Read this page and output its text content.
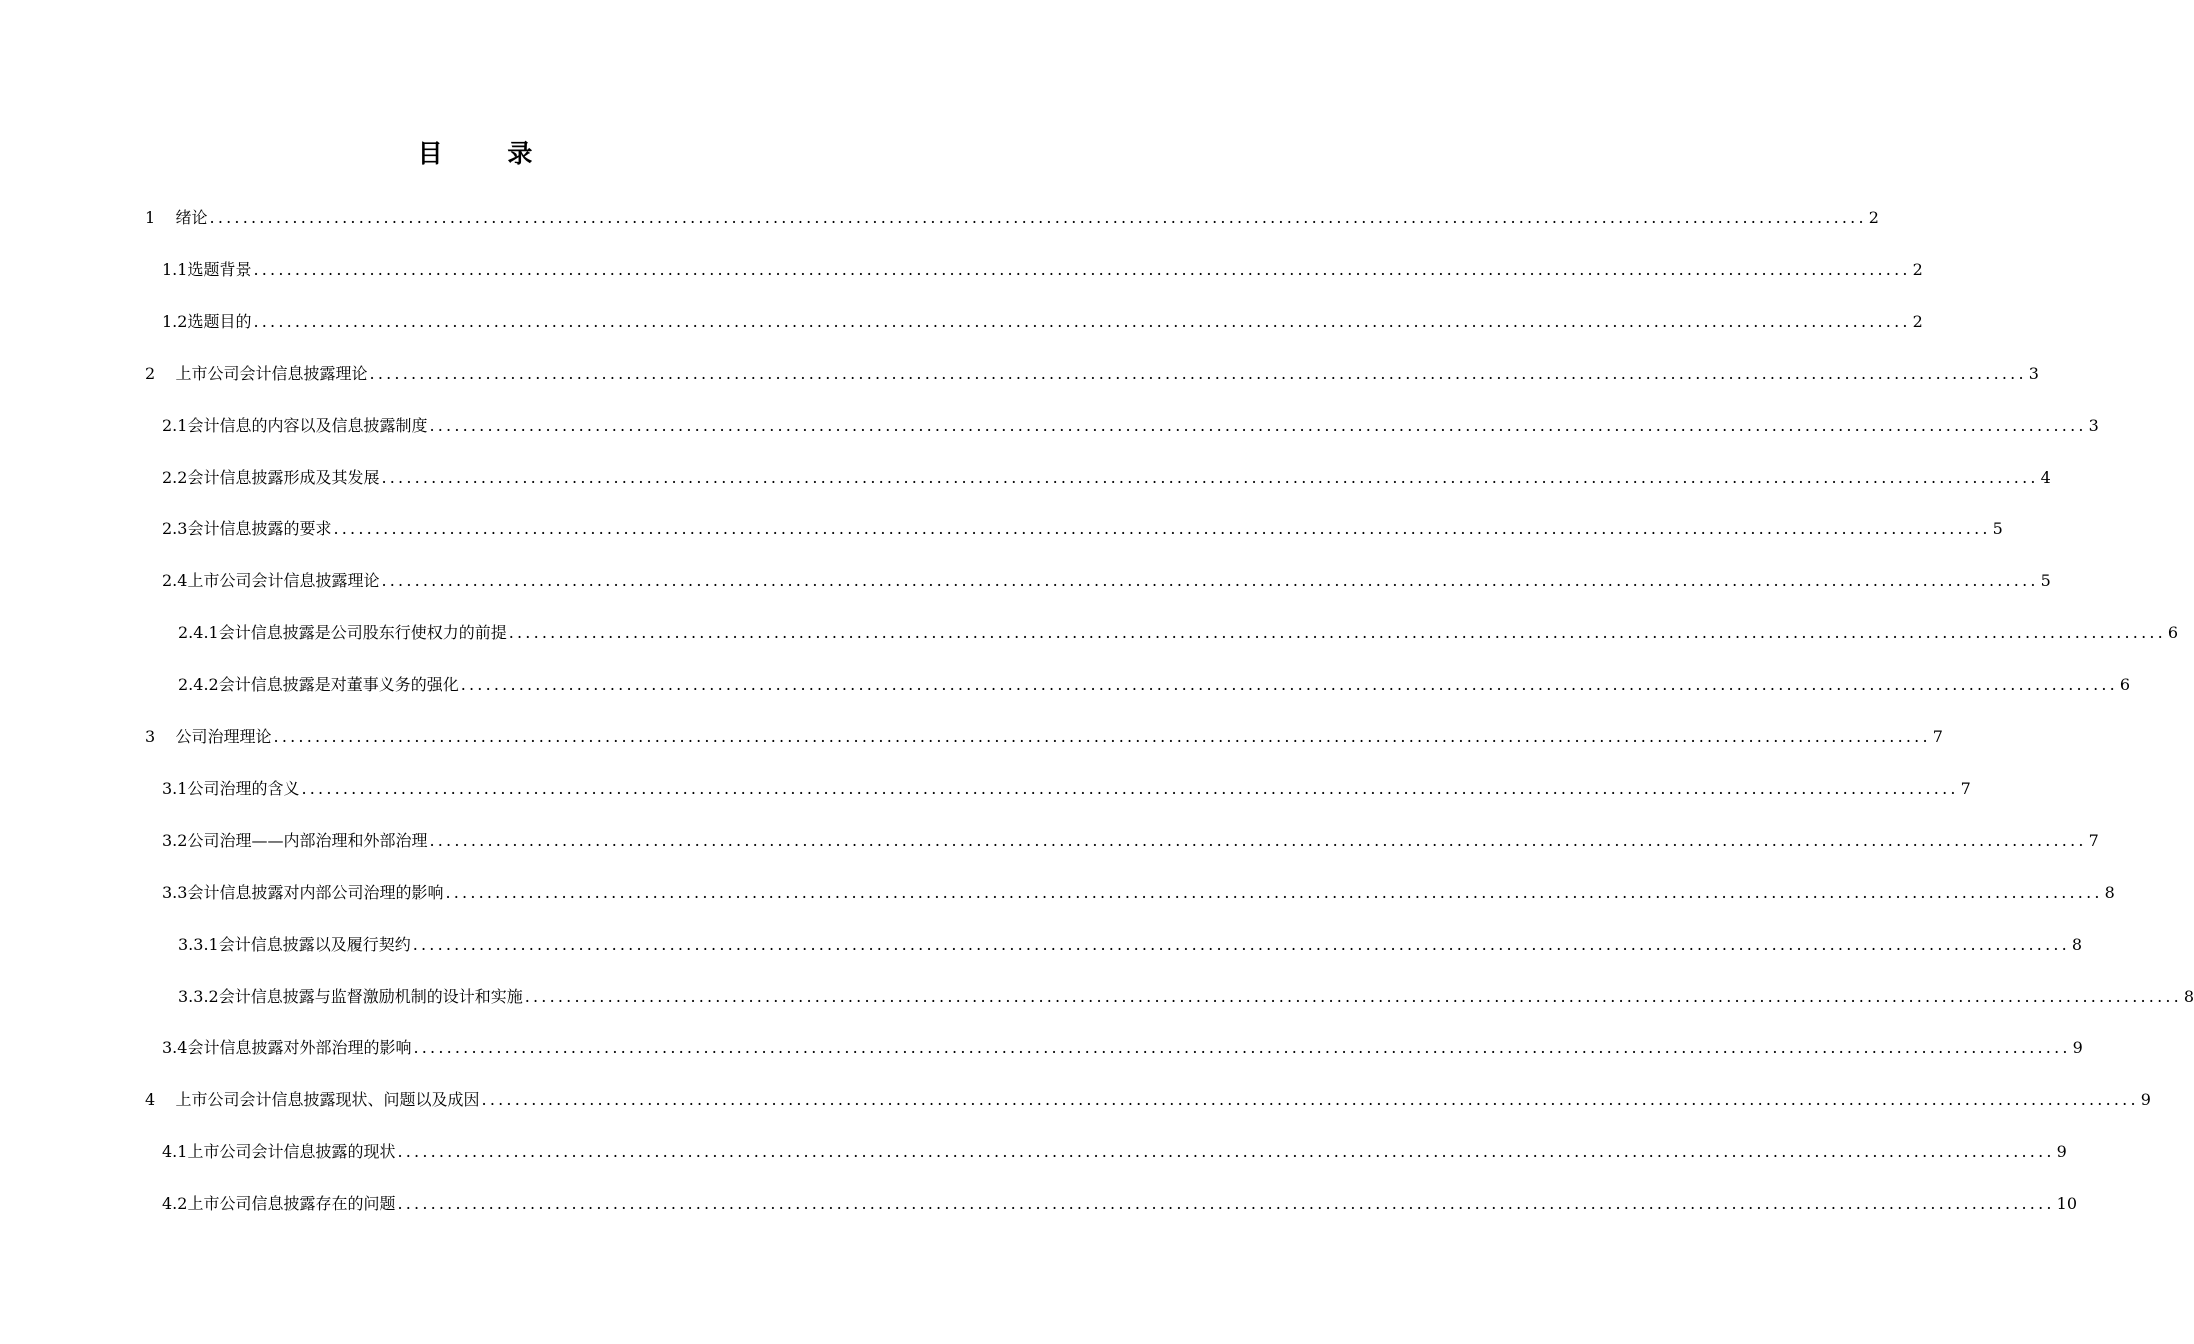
目 录
1 绪论 ........................................................................................................................................................................................................ 2
1.1 选题背景 ........................................................................................................................................................................................................ 2
1.2 选题目的 ........................................................................................................................................................................................................ 2
2 上市公司会计信息披露理论 ........................................................................................................................................................................................................ 3
2.1 会计信息的内容以及信息披露制度 ........................................................................................................................................................................................................ 3
2.2 会计信息披露形成及其发展 ........................................................................................................................................................................................................ 4
2.3 会计信息披露的要求 ........................................................................................................................................................................................................ 5
2.4 上市公司会计信息披露理论 ........................................................................................................................................................................................................ 5
2.4.1 会计信息披露是公司股东行使权力的前提 ........................................................................................................................................................................................................ 6
2.4.2 会计信息披露是对董事义务的强化 ........................................................................................................................................................................................................ 6
3 公司治理理论 ........................................................................................................................................................................................................ 7
3.1 公司治理的含义 ........................................................................................................................................................................................................ 7
3.2 公司治理——内部治理和外部治理 ........................................................................................................................................................................................................ 7
3.3 会计信息披露对内部公司治理的影响 ........................................................................................................................................................................................................ 8
3.3.1 会计信息披露以及履行契约 ........................................................................................................................................................................................................ 8
3.3.2 会计信息披露与监督激励机制的设计和实施 ........................................................................................................................................................................................................ 8
3.4 会计信息披露对外部治理的影响 ........................................................................................................................................................................................................ 9
4 上市公司会计信息披露现状、问题以及成因 ........................................................................................................................................................................................................ 9
4.1 上市公司会计信息披露的现状 ........................................................................................................................................................................................................ 9
4.2 上市公司信息披露存在的问题 ........................................................................................................................................................................................................ 10
